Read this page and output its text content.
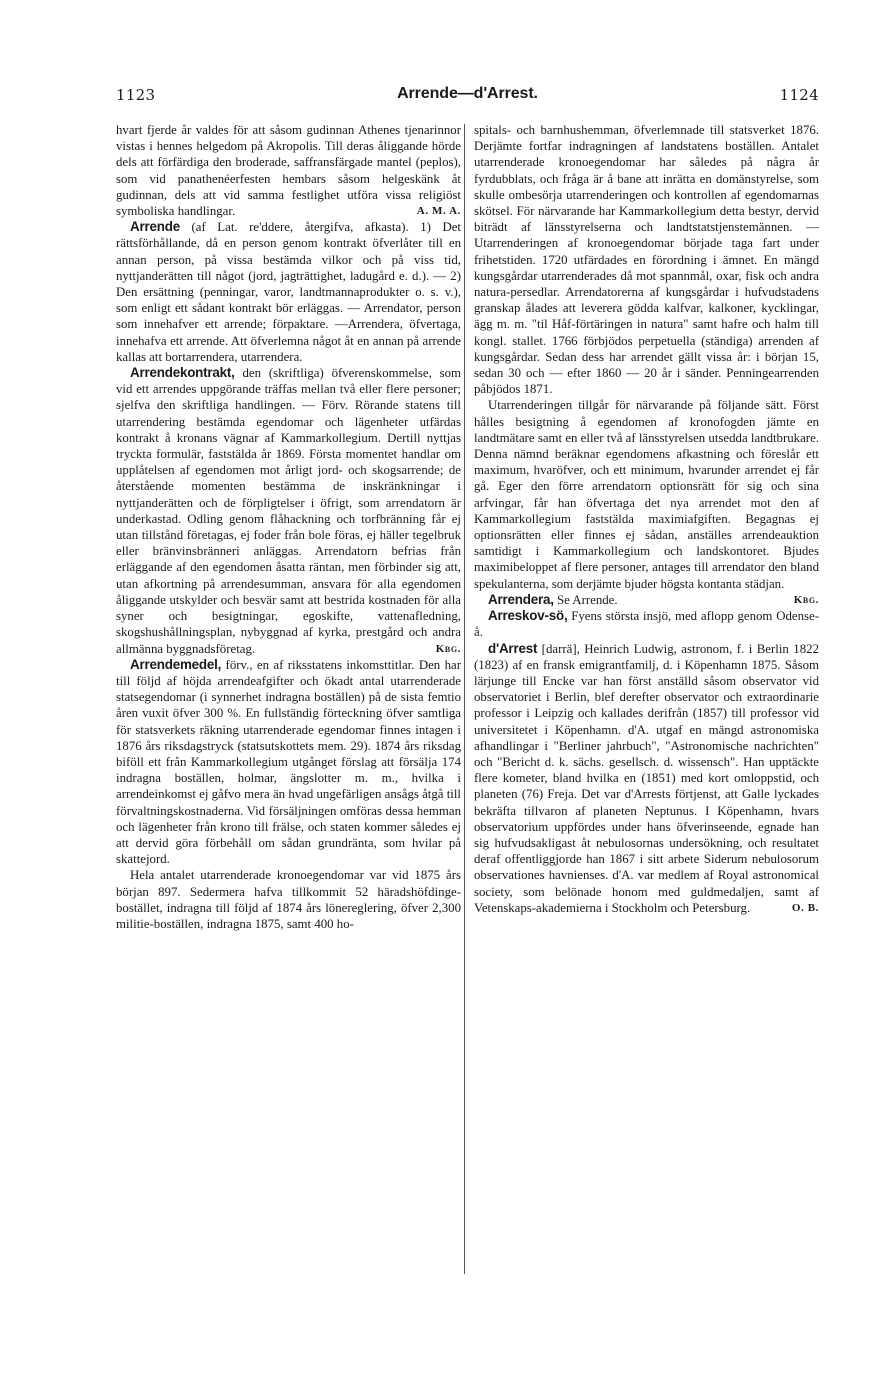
1123	Arrende—d'Arrest.	1124

hvart fjerde år valdes för att såsom gudinnan Athenes tjenarinnor vistas i hennes helgedom på Akropolis. Till deras åliggande hörde dels att förfärdiga den broderade, saffransfärgade mantel (peplos), som vid panathenéerfesten hembars såsom helgeskänk åt gudinnan, dels att vid samma festlighet utföra vissa religiöst symboliska handlingar.	A. M. A.

Arrende (af Lat. re'ddere, återgifva, afkasta). 1) Det rättsförhållande, då en person genom kontrakt öfverlåter till en annan person, på vissa bestämda vilkor och på viss tid, nyttjanderätten till något (jord, jagträttighet, ladugård e. d.). — 2) Den ersättning (penningar, varor, landtmannaprodukter o. s. v.), som enligt ett sådant kontrakt bör erläggas. — Arrendator, person som innehafver ett arrende; förpaktare. —Arrendera, öfvertaga, innehafva ett arrende. Att öfverlemna något åt en annan på arrende kallas att bortarrendera, utarrendera.

Arrendekontrakt, den (skriftliga) öfverenskommelse, som vid ett arrendes uppgörande träffas mellan två eller flere personer; sjelfva den skriftliga handlingen. — Förv. Rörande statens till utarrendering bestämda egendomar och lägenheter utfärdas kontrakt å kronans vägnar af Kammarkollegium. Dertill nyttjas tryckta formulär, faststälda år 1869. Första momentet handlar om upplåtelsen af egendomen mot årligt jord- och skogsarrende; de återstående momenten bestämma de inskränkningar i nyttjanderätten och de förpligtelser i öfrigt, som arrendatorn är underkastad. Odling genom flåhackning och torfbränning får ej utan tillstånd företagas, ej foder från bole föras, ej häller tegelbruk eller bränvinsbränneri anläggas. Arrendatorn befrias från erläggande af den egendomen åsatta räntan, men förbinder sig att, utan afkortning på arrendesumman, ansvara för alla egendomen åliggande utskylder och besvär samt att bestrida kostnaden för alla syner och besigtningar, egoskifte, vattenafledning, skogshushållningsplan, nybyggnad af kyrka, prestgård och andra allmänna byggnadsföretag.	Kbg.

Arrendemedel, förv., en af riksstatens inkomsttitlar. Den har till följd af höjda arrendeafgifter och ökadt antal utarrenderade statsegendomar (i synnerhet indragna boställen) på de sista femtio åren vuxit öfver 300 %. En fullständig förteckning öfver samtliga för statsverkets räkning utarrenderade egendomar finnes intagen i 1876 års riksdagstryck (statsutskottets mem. 29). 1874 års riksdag biföll ett från Kammarkollegium utgånget förslag att försälja 174 indragna boställen, holmar, ängslotter m. m., hvilka i arrendeinkomst ej gåfvo mera än hvad ungefärligen ansågs åtgå till förvaltningskostnaderna. Vid försäljningen omföras dessa hemman och lägenheter från krono till frälse, och staten kommer således ej att dervid göra förbehåll om sådan grundränta, som hvilar på skattejord.

Hela antalet utarrenderade kronoegendomar var vid 1875 års början 897. Sedermera hafva tillkommit 52 häradshöfdinge-bostället, indragna till följd af 1874 års lönereglering, öfver 2,300 militie-boställen, indragna 1875, samt 400 ho-

spitals- och barnhushemman, öfverlemnade till statsverket 1876. Derjämte fortfar indragningen af landstatens boställen. Antalet utarrenderade kronoegendomar har således på några år fyrdubblats, och fråga är å bane att inrätta en domänstyrelse, som skulle ombesörja utarrenderingen och kontrollen af egendomarnas skötsel. För närvarande har Kammarkollegium detta bestyr, dervid biträdt af länsstyrelserna och landtstatstjenstemännen. — Utarrenderingen af kronoegendomar började taga fart under frihetstiden. 1720 utfärdades en förordning i ämnet. En mängd kungsgårdar utarrenderades då mot spannmål, oxar, fisk och andra natura-persedlar. Arrendatorerna af kungsgårdar i hufvudstadens granskap ålades att leverera gödda kalfvar, kalkoner, kycklingar, ägg m. m. "til Håf-förtäringen in natura" samt hafre och halm till kongl. stallet. 1766 förbjödos perpetuella (ständiga) arrenden af kungsgårdar. Sedan dess har arrendet gällt vissa år: i början 15, sedan 30 och — efter 1860 — 20 år i sänder. Penningearrenden påbjödos 1871.

Utarrenderingen tillgår för närvarande på följande sätt. Först hålles besigtning å egendomen af kronofogden jämte en landtmätare samt en eller två af länsstyrelsen utsedda landtbrukare. Denna nämnd beräknar egendomens afkastning och föreslår ett maximum, hvaröfver, och ett minimum, hvarunder arrendet ej får gå. Eger den förre arrendatorn optionsrätt för sig och sina arfvingar, får han öfvertaga det nya arrendet mot den af Kammarkollegium faststälda maximiafgiften. Begagnas ej optionsrätten eller finnes ej sådan, anställes arrendeauktion samtidigt i Kammarkollegium och landskontoret. Bjudes maximibeloppet af flere personer, antages till arrendator den bland spekulanterna, som derjämte bjuder högsta kontanta städjan.
Kbg.

Arrendera, Se Arrende.

Arreskov-sö, Fyens största insjö, med aflopp genom Odense-å.

d'Arrest [darrä], Heinrich Ludwig, astronom, f. i Berlin 1822 (1823) af en fransk emigrantfamilj, d. i Köpenhamn 1875. Såsom lärjunge till Encke var han först anställd såsom observator vid observatoriet i Berlin, blef derefter observator och extraordinarie professor i Leipzig och kallades derifrån (1857) till professor vid universitetet i Köpenhamn. d'A. utgaf en mängd astronomiska afhandlingar i "Berliner jahrbuch", "Astronomische nachrichten" och "Bericht d. k. sächs. gesellsch. d. wissensch". Han upptäckte flere kometer, bland hvilka en (1851) med kort omloppstid, och planeten (76) Freja. Det var d'Arrests förtjenst, att Galle lyckades bekräfta tillvaron af planeten Neptunus. I Köpenhamn, hvars observatorium uppfördes under hans öfverinseende, egnade han sig hufvudsakligast åt nebulosornas undersökning, och resultatet deraf offentliggjorde han 1867 i sitt arbete Siderum nebulosorum observationes havnienses. d'A. var medlem af Royal astronomical society, som belönade honom med guldmedaljen, samt af Vetenskaps-akademierna i Stockholm och Petersburg.	O. B.
